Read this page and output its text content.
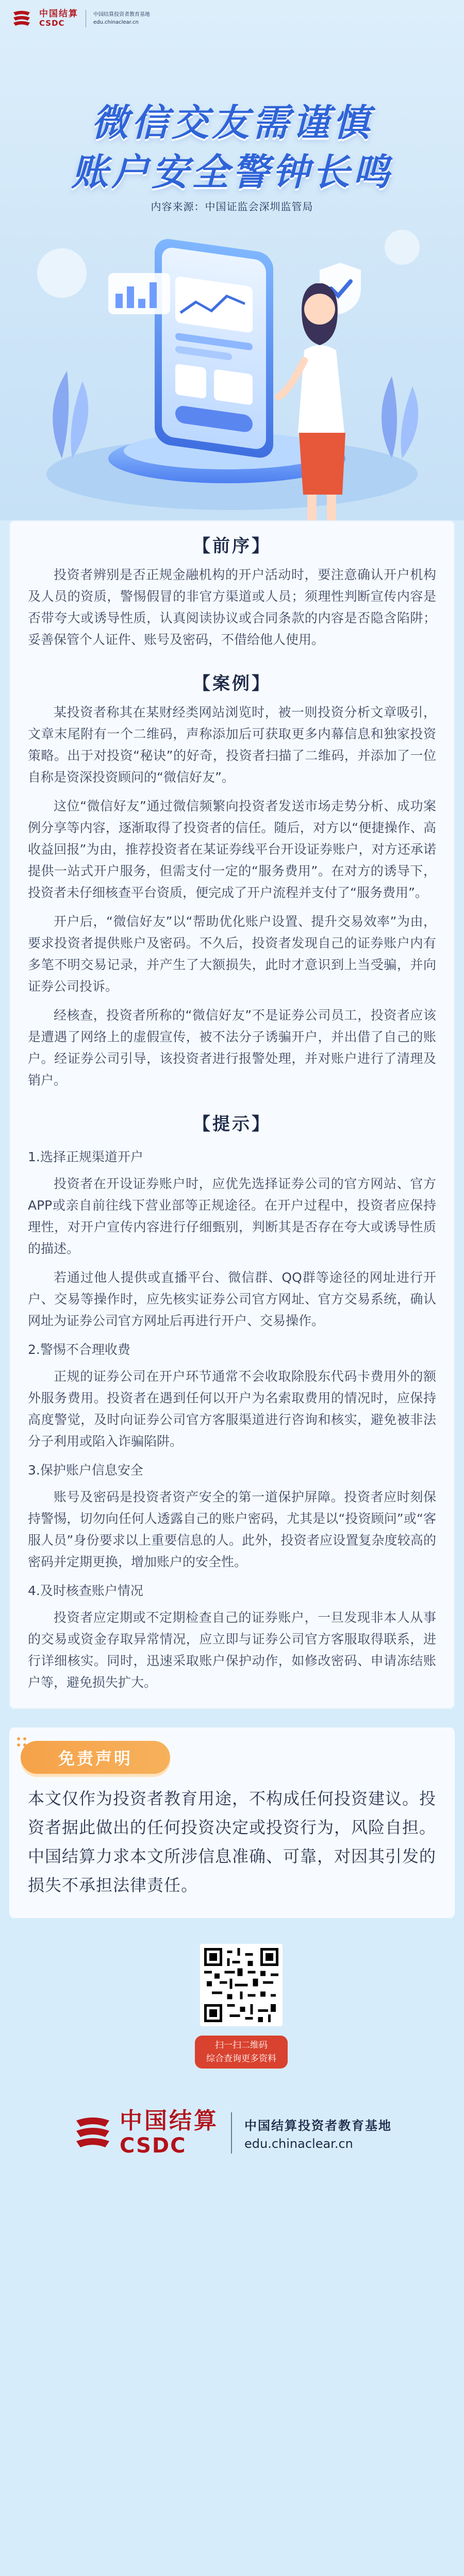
中国结算
CSDC
中国结算投资者教育基地
edu.chinaclear.cn
微信交友需谨慎
账户安全警钟长鸣
内容来源：中国证监会深圳监管局
【前序】

投资者辨别是否正规金融机构的开户活动时，要注意确认开户机构及人员的资质，警惕假冒的非官方渠道或人员；须理性判断宣传内容是否带夸大或诱导性质，认真阅读协议或合同条款的内容是否隐含陷阱；妥善保管个人证件、账号及密码，不借给他人使用。

【案例】

某投资者称其在某财经类网站浏览时，被一则投资分析文章吸引，文章末尾附有一个二维码，声称添加后可获取更多内幕信息和独家投资策略。出于对投资“秘诀”的好奇，投资者扫描了二维码，并添加了一位自称是资深投资顾问的“微信好友”。

这位“微信好友”通过微信频繁向投资者发送市场走势分析、成功案例分享等内容，逐渐取得了投资者的信任。随后，对方以“便捷操作、高收益回报”为由，推荐投资者在某证券线平台开设证券账户，对方还承诺提供一站式开户服务，但需支付一定的“服务费用”。在对方的诱导下，投资者未仔细核查平台资质，便完成了开户流程并支付了“服务费用”。

开户后，“微信好友”以“帮助优化账户设置、提升交易效率”为由，要求投资者提供账户及密码。不久后，投资者发现自己的证券账户内有多笔不明交易记录，并产生了大额损失，此时才意识到上当受骗，并向证券公司投诉。

经核查，投资者所称的“微信好友”不是证券公司员工，投资者应该是遭遇了网络上的虚假宣传，被不法分子诱骗开户，并出借了自己的账户。经证券公司引导，该投资者进行报警处理，并对账户进行了清理及销户。

【提示】
1.选择正规渠道开户

投资者在开设证券账户时，应优先选择证券公司的官方网站、官方APP或亲自前往线下营业部等正规途径。在开户过程中，投资者应保持理性，对开户宣传内容进行仔细甄别，判断其是否存在夸大或诱导性质的描述。

若通过他人提供或直播平台、微信群、QQ群等途径的网址进行开户、交易等操作时，应先核实证券公司官方网址、官方交易系统，确认网址为证券公司官方网址后再进行开户、交易操作。

2.警惕不合理收费

正规的证券公司在开户环节通常不会收取除股东代码卡费用外的额外服务费用。投资者在遇到任何以开户为名索取费用的情况时，应保持高度警觉，及时向证券公司官方客服渠道进行咨询和核实，避免被非法分子利用或陷入诈骗陷阱。

3.保护账户信息安全

账号及密码是投资者资产安全的第一道保护屏障。投资者应时刻保持警惕，切勿向任何人透露自己的账户密码，尤其是以“投资顾问”或“客服人员”身份要求以上重要信息的人。此外，投资者应设置复杂度较高的密码并定期更换，增加账户的安全性。

4.及时核查账户情况

投资者应定期或不定期检查自己的证券账户，一旦发现非本人从事的交易或资金存取异常情况，应立即与证券公司官方客服取得联系，进行详细核实。同时，迅速采取账户保护动作，如修改密码、申请冻结账户等，避免损失扩大。

免责声明

本文仅作为投资者教育用途，不构成任何投资建议。投资者据此做出的任何投资决定或投资行为，风险自担。中国结算力求本文所涉信息准确、可靠，对因其引发的损失不承担法律责任。

扫一扫二维码
综合查询更多资料
中国结算
CSDC
中国结算投资者教育基地
edu.chinaclear.cn
